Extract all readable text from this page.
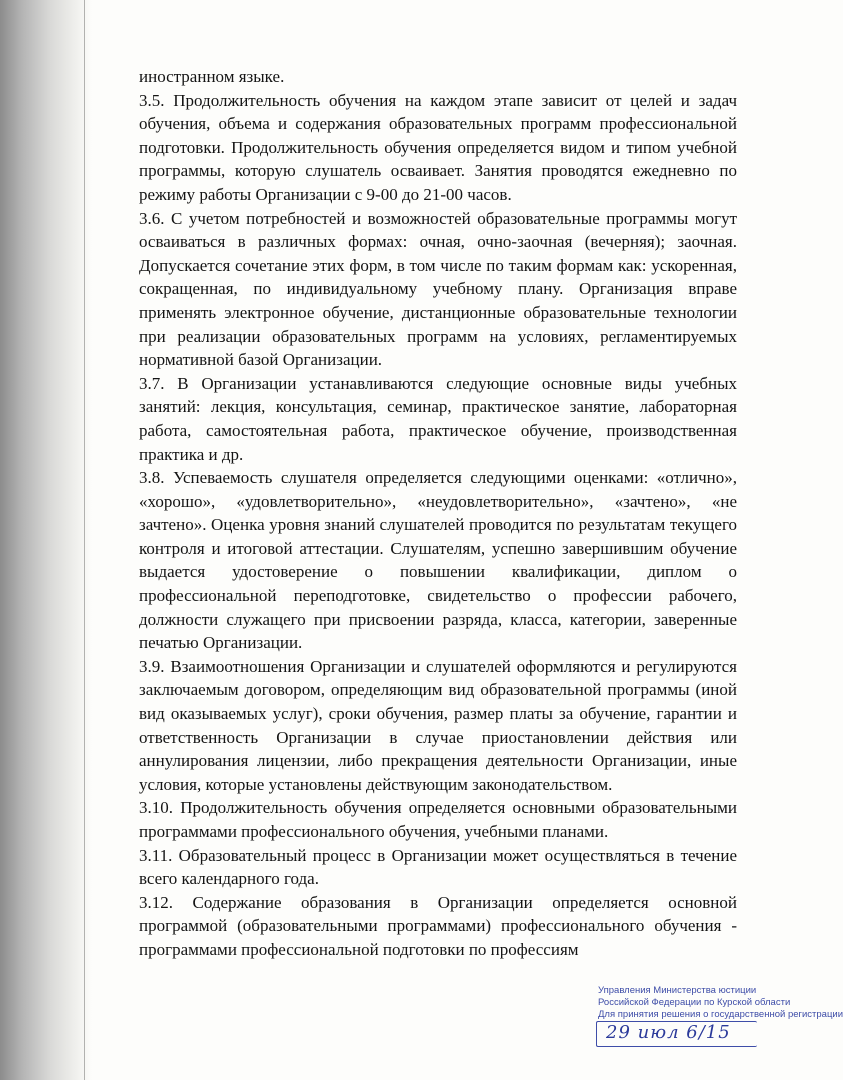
иностранном языке.

3.5. Продолжительность обучения на каждом этапе зависит от целей и задач обучения, объема и содержания образовательных программ профессиональной подготовки. Продолжительность обучения определяется видом и типом учебной программы, которую слушатель осваивает. Занятия проводятся ежедневно по режиму работы Организации с 9-00 до 21-00 часов.

3.6. С учетом потребностей и возможностей образовательные программы могут осваиваться в различных формах: очная, очно-заочная (вечерняя); заочная. Допускается сочетание этих форм, в том числе по таким формам как: ускоренная, сокращенная, по индивидуальному учебному плану. Организация вправе применять электронное обучение, дистанционные образовательные технологии при реализации образовательных программ на условиях, регламентируемых нормативной базой Организации.

3.7. В Организации устанавливаются следующие основные виды учебных занятий: лекция, консультация, семинар, практическое занятие, лабораторная работа, самостоятельная работа, практическое обучение, производственная практика и др.

3.8. Успеваемость слушателя определяется следующими оценками: «отлично», «хорошо», «удовлетворительно», «неудовлетворительно», «зачтено», «не зачтено». Оценка уровня знаний слушателей проводится по результатам текущего контроля и итоговой аттестации. Слушателям, успешно завершившим обучение выдается удостоверение о повышении квалификации, диплом о профессиональной переподготовке, свидетельство о профессии рабочего, должности служащего при присвоении разряда, класса, категории, заверенные печатью Организации.

3.9. Взаимоотношения Организации и слушателей оформляются и регулируются заключаемым договором, определяющим вид образовательной программы (иной вид оказываемых услуг), сроки обучения, размер платы за обучение, гарантии и ответственность Организации в случае приостановлении действия или аннулирования лицензии, либо прекращения деятельности Организации, иные условия, которые установлены действующим законодательством.

3.10. Продолжительность обучения определяется основными образовательными программами профессионального обучения, учебными планами.

3.11. Образовательный процесс в Организации может осуществляться в течение всего календарного года.

3.12. Содержание образования в Организации определяется основной программой (образовательными программами) профессионального обучения - программами профессиональной подготовки по профессиям

Управления Министерства юстиции
Российской Федерации по Курской области
Для принятия решения о государственной регистрации
29 июл 6/15
